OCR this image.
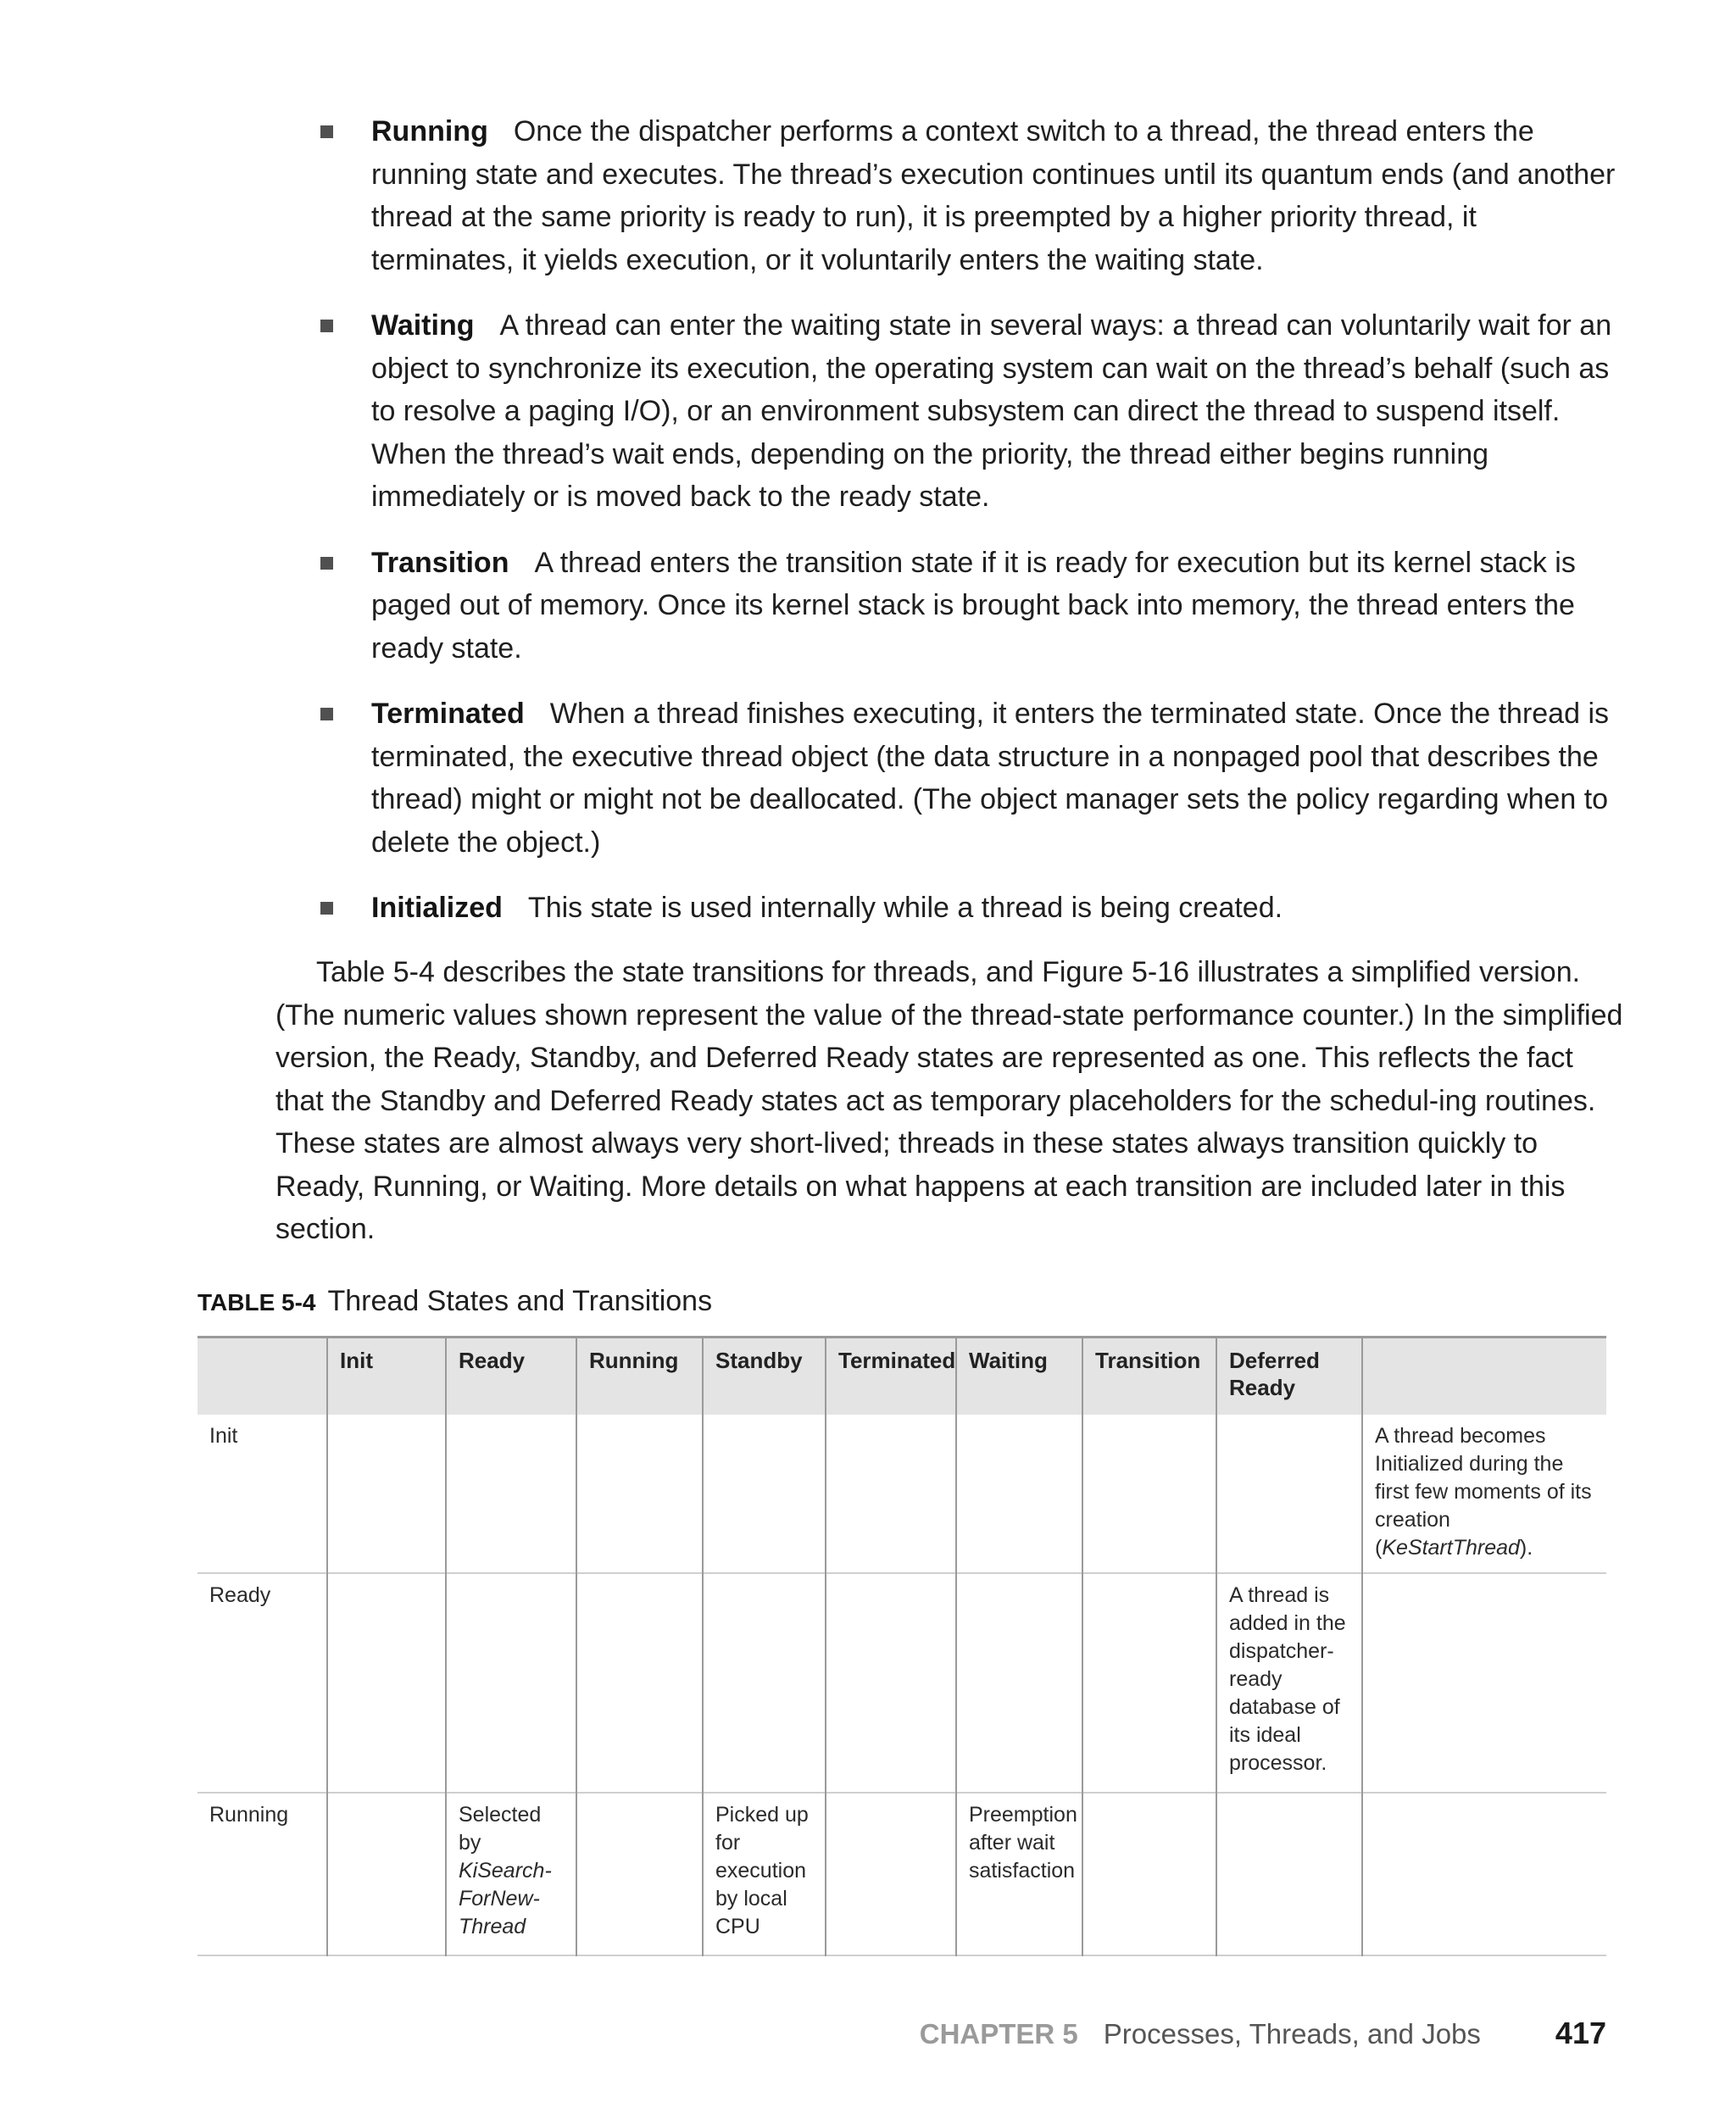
Running Once the dispatcher performs a context switch to a thread, the thread enters the running state and executes. The thread’s execution continues until its quantum ends (and another thread at the same priority is ready to run), it is preempted by a higher priority thread, it terminates, it yields execution, or it voluntarily enters the waiting state.
Waiting A thread can enter the waiting state in several ways: a thread can voluntarily wait for an object to synchronize its execution, the operating system can wait on the thread’s behalf (such as to resolve a paging I/O), or an environment subsystem can direct the thread to suspend itself. When the thread’s wait ends, depending on the priority, the thread either begins running immediately or is moved back to the ready state.
Transition A thread enters the transition state if it is ready for execution but its kernel stack is paged out of memory. Once its kernel stack is brought back into memory, the thread enters the ready state.
Terminated When a thread finishes executing, it enters the terminated state. Once the thread is terminated, the executive thread object (the data structure in a nonpaged pool that describes the thread) might or might not be deallocated. (The object manager sets the policy regarding when to delete the object.)
Initialized This state is used internally while a thread is being created.

Table 5-4 describes the state transitions for threads, and Figure 5-16 illustrates a simplified version. (The numeric values shown represent the value of the thread-state performance counter.) In the simplified version, the Ready, Standby, and Deferred Ready states are represented as one. This reflects the fact that the Standby and Deferred Ready states act as temporary placeholders for the schedul-ing routines. These states are almost always very short-lived; threads in these states always transition quickly to Ready, Running, or Waiting. More details on what happens at each transition are included later in this section.

TABLE 5-4 Thread States and Transitions
	Init	Ready	Running	Standby	Terminated	Waiting	Transition	Deferred Ready	
Init									A thread becomes Initialized during the first few moments of its creation (KeStartThread).
Ready								A thread is added in the dispatcher-ready database of its ideal processor.	
Running		Selected by KiSearch-ForNew-Thread		Picked up for execution by local CPU		Preemption after wait satisfaction			
CHAPTER 5 Processes, Threads, and Jobs 417
